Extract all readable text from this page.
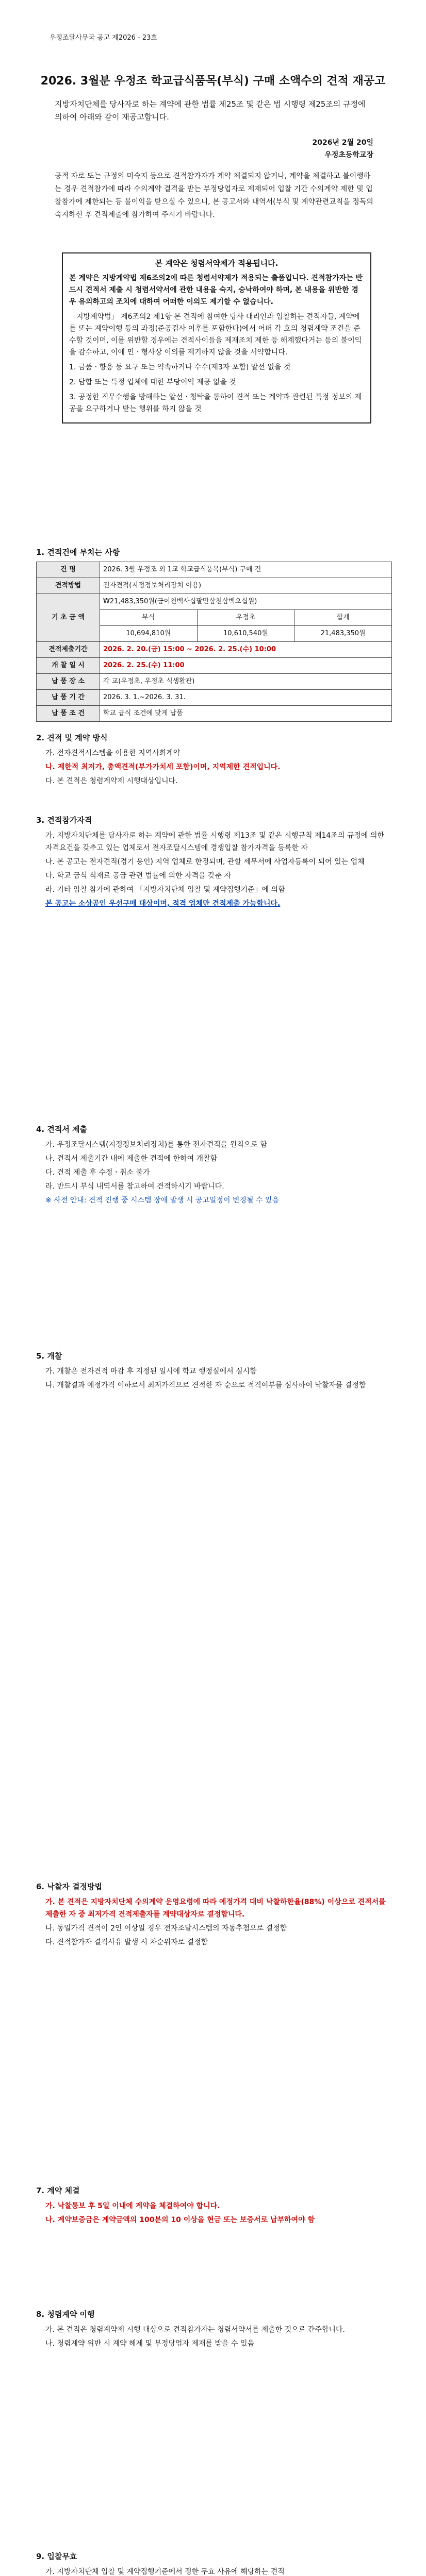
우정조달사무국 공고 제2026 - 23호
2026. 3월분 우정조 학교급식품목(부식) 구매 소액수의 견적 재공고
지방자치단체를 당사자로 하는 계약에 관한 법률 제25조 및 같은 법 시행령 제25조의 규정에 의하여 아래와 같이 재공고합니다.
2026년 2월 20일
우정초등학교장
공적 자로 또는 규정의 미숙지 등으로 견적참가자가 계약 체결되지 않거나, 계약을 체결하고 불이행하는 경우 견적참가에 따라 수의계약 결격을 받는 부정당업자로 제재되어 입찰 기간 수의계약 제한 및 입찰참가에 제한되는 등 불이익을 받으실 수 있으니, 본 공고서와 내역서(부식 및 계약관련교칙을 정독의 숙지하신 후 견적제출에 참가하여 주시기 바랍니다.
본 계약은 청렴서약제가 적용됩니다.

본 계약은 지방계약법 제6조의2에 따른 청렴서약제가 적용되는 출품입니다. 견적참가자는 반드시 견적서 제출 시 청렴서약서에 관한 내용을 숙지, 승낙하여야 하며, 본 내용을 위반한 경우 유의하고의 조치에 대하여 어떠한 이의도 제기할 수 없습니다.

「지방계약법」 제6조의2 제1항 본 견적에 참여한 당사 대리인과 입찰하는 견적자들, 계약에를 또는 계약이행 등의 과정(준공검사 이후를 포함한다)에서 어떠 각 호의 청렴계약 조건을 준수할 것이며, 이를 위반할 경우에는 견적사이들을 제재조치 제한 등 해계했다거는 등의 불이익을 감수하고, 이에 민ㆍ형사상 이의를 제기하지 않을 것을 서약합니다.

1. 금품ㆍ향응 등 요구 또는 약속하거나 수수(제3자 포함) 알선 없을 것

2. 담합 또는 특정 업체에 대한 부당이익 제공 없을 것

3. 공정한 직무수행을 방해하는 알선ㆍ청탁을 통하여 견적 또는 계약과 관련된 특정 정보의 제공을 요구하거나 받는 행위를 하지 않을 것

1. 견적건에 부치는 사항
건 명	2026. 3월 우정조 외 1교 학교급식품목(부식) 구매 건		
견적방법	전자견적(지정정보처리장치 이용)		
기 초 금 액	₩21,483,350원(금이천백사십팔만삼천삼백오십원)		
	부식	우정초	합계
	10,694,810원	10,610,540원	21,483,350원
견적제출기간	2026. 2. 20.(금) 15:00 ~ 2026. 2. 25.(수) 10:00		
개 찰 일 시	2026. 2. 25.(수) 11:00		
납 품 장 소	각 교(우정초, 우정초 식생활관)		
납 품 기 간	2026. 3. 1.~2026. 3. 31.		
납 품 조 건	학교 급식 조건에 맞게 납품		
2. 견적 및 계약 방식

가. 전자견적시스템을 이용한 지역사회계약

나. 제한적 최저가, 총액견적(부가가치세 포함)이며, 지역제한 견적입니다.

다. 본 견적은 청렴계약제 시행대상입니다.

3. 견적참가자격

가. 지방자치단체를 당사자로 하는 계약에 관한 법률 시행령 제13조 및 같은 시행규칙 제14조의 규정에 의한 자격요건을 갖추고 있는 업체로서 전자조달시스템에 경쟁입찰 참가자격을 등록한 자

나. 본 공고는 전자견적(경기 용인) 지역 업체로 한정되며, 관할 세무서에 사업자등록이 되어 있는 업체

다. 학교 급식 식재료 공급 관련 법률에 의한 자격을 갖춘 자

라. 기타 입찰 참가에 관하여 「지방자치단체 입찰 및 계약집행기준」에 의함

본 공고는 소상공인 우선구매 대상이며, 적격 업체만 견적제출 가능합니다.

4. 견적서 제출

가. 우정조달시스템(지정정보처리장치)를 통한 전자견적을 원칙으로 함

나. 견적서 제출기간 내에 제출한 견적에 한하여 개찰함

다. 견적 제출 후 수정ㆍ취소 불가

라. 반드시 부식 내역서를 참고하여 견적하시기 바랍니다.

※ 사전 안내: 견적 진행 중 시스템 장애 발생 시 공고일정이 변경될 수 있음

5. 개찰

가. 개찰은 전자견적 마감 후 지정된 일시에 학교 행정실에서 실시함

나. 개찰결과 예정가격 이하로서 최저가격으로 견적한 자 순으로 적격여부를 심사하여 낙찰자를 결정함

6. 낙찰자 결정방법

가. 본 견적은 지방자치단체 수의계약 운영요령에 따라 예정가격 대비 낙찰하한율(88%) 이상으로 견적서를 제출한 자 중 최저가격 견적제출자를 계약대상자로 결정합니다.

나. 동일가격 견적이 2인 이상일 경우 전자조달시스템의 자동추첨으로 결정함

다. 견적참가자 결격사유 발생 시 차순위자로 결정함

7. 계약 체결

가. 낙찰통보 후 5일 이내에 계약을 체결하여야 합니다.

나. 계약보증금은 계약금액의 100분의 10 이상을 현금 또는 보증서로 납부하여야 함

8. 청렴계약 이행

가. 본 견적은 청렴계약제 시행 대상으로 견적참가자는 청렴서약서를 제출한 것으로 간주합니다.

나. 청렴계약 위반 시 계약 해제 및 부정당업자 제재를 받을 수 있음

9. 입찰무효

가. 지방자치단체 입찰 및 계약집행기준에서 정한 무효 사유에 해당하는 견적
